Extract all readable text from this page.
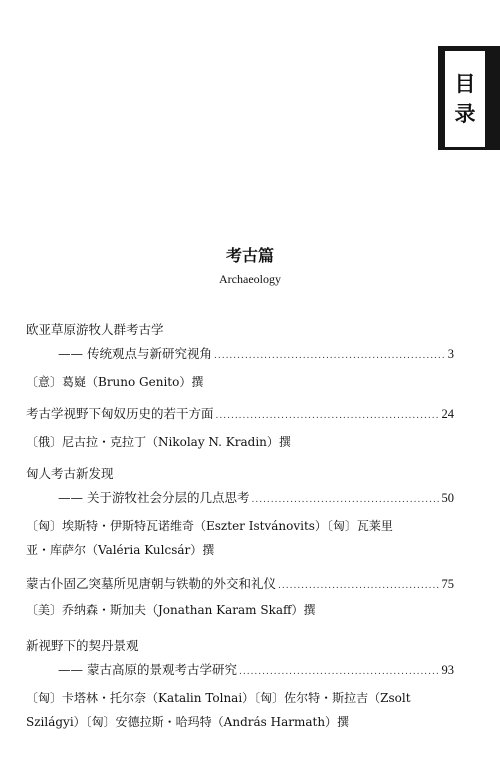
目
录
考古篇
Archaeology
欧亚草原游牧人群考古学
—— 传统观点与新研究视角 .....	3
〔意〕葛嶷（Bruno Genito）撰
考古学视野下匈奴历史的若干方面 .....	24
〔俄〕尼古拉・克拉丁（Nikolay N. Kradin）撰
匈人考古新发现
—— 关于游牧社会分层的几点思考 .....	50
〔匈〕埃斯特・伊斯特瓦诺维奇（Eszter Istvánovits）〔匈〕瓦莱里
亚・库萨尔（Valéria Kulcsár）撰
蒙古仆固乙突墓所见唐朝与铁勒的外交和礼仪 .....	75
〔美〕乔纳森・斯加夫（Jonathan Karam Skaff）撰
新视野下的契丹景观
—— 蒙古高原的景观考古学研究 .....	93
〔匈〕卡塔林・托尔奈（Katalin Tolnai）〔匈〕佐尔特・斯拉吉（Zsolt
Szilágyi）〔匈〕安德拉斯・哈玛特（András Harmath）撰
